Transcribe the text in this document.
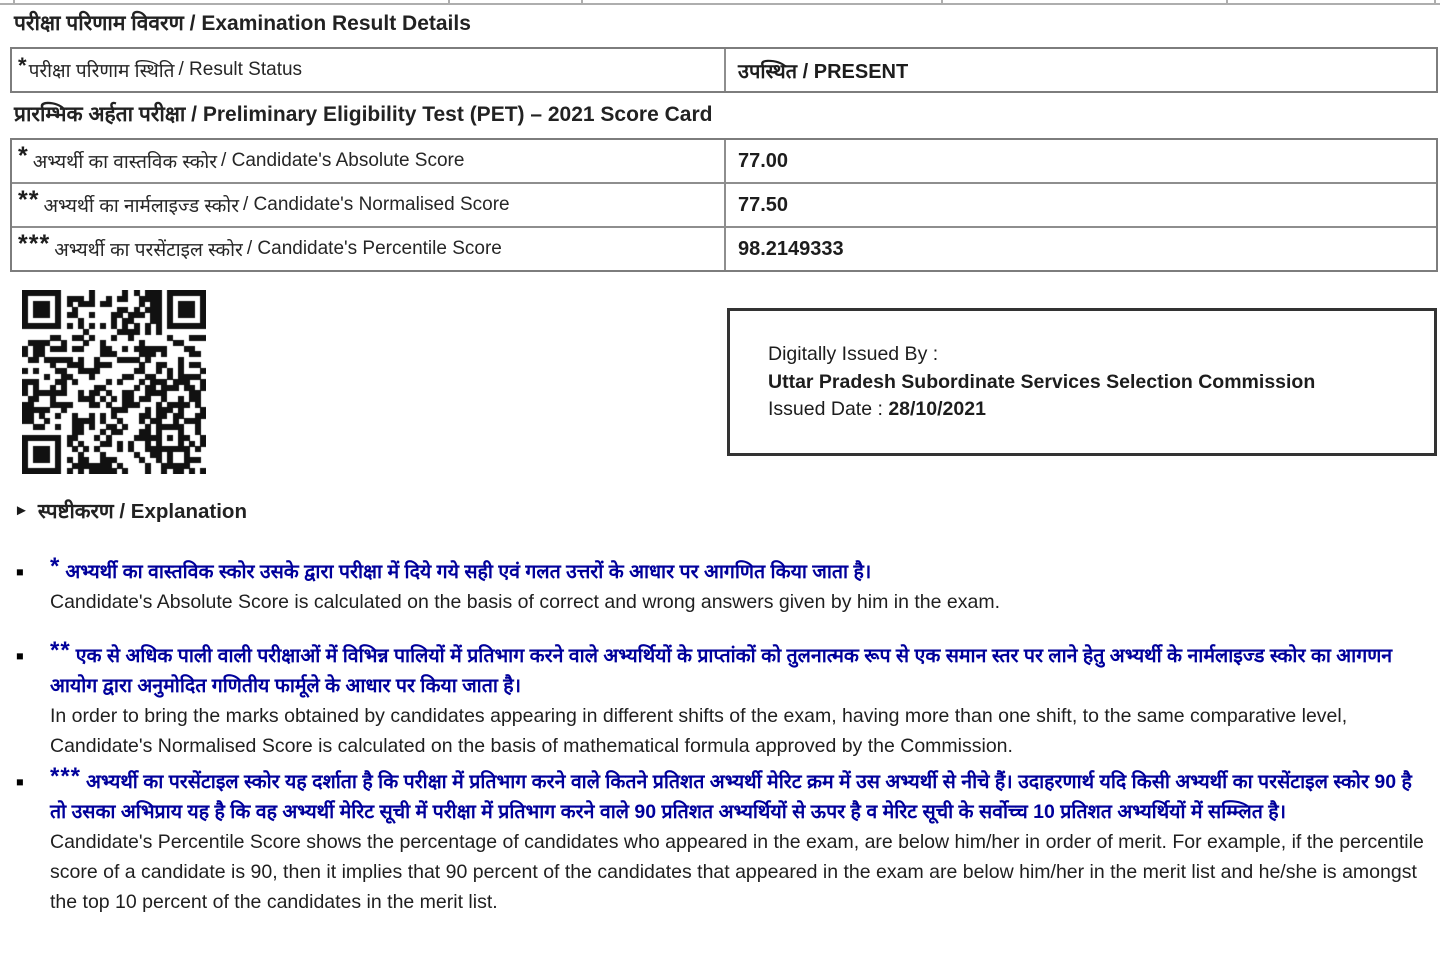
परीक्षा परिणाम विवरण / Examination Result Details
* परीक्षा परिणाम स्थिति / Result Status	उपस्थित / PRESENT
प्रारम्भिक अर्हता परीक्षा / Preliminary Eligibility Test (PET) – 2021 Score Card
* अभ्यर्थी का वास्तविक स्कोर / Candidate's Absolute Score	77.00
** अभ्यर्थी का नार्मलाइज्ड स्कोर / Candidate's Normalised Score	77.50
*** अभ्यर्थी का परसेंटाइल स्कोर / Candidate's Percentile Score	98.2149333
Digitally Issued By :
Uttar Pradesh Subordinate Services Selection Commission
Issued Date : 28/10/2021
► स्पष्टीकरण / Explanation
■	* अभ्यर्थी का वास्तविक स्कोर उसके द्वारा परीक्षा में दिये गये सही एवं गलत उत्तरों के आधार पर आगणित किया जाता है।
Candidate's Absolute Score is calculated on the basis of correct and wrong answers given by him in the exam.
■	** एक से अधिक पाली वाली परीक्षाओं में विभिन्न पालियों में प्रतिभाग करने वाले अभ्यर्थियों के प्राप्तांकों को तुलनात्मक रूप से एक समान स्तर पर लाने हेतु अभ्यर्थी के नार्मलाइज्ड स्कोर का आगणन आयोग द्वारा अनुमोदित गणितीय फार्मूले के आधार पर किया जाता है।
In order to bring the marks obtained by candidates appearing in different shifts of the exam, having more than one shift, to the same comparative level, Candidate's Normalised Score is calculated on the basis of mathematical formula approved by the Commission.
■	*** अभ्यर्थी का परसेंटाइल स्कोर यह दर्शाता है कि परीक्षा में प्रतिभाग करने वाले कितने प्रतिशत अभ्यर्थी मेरिट क्रम में उस अभ्यर्थी से नीचे हैं। उदाहरणार्थ यदि किसी अभ्यर्थी का परसेंटाइल स्कोर 90 है तो उसका अभिप्राय यह है कि वह अभ्यर्थी मेरिट सूची में परीक्षा में प्रतिभाग करने वाले 90 प्रतिशत अभ्यर्थियों से ऊपर है व मेरिट सूची के सर्वोच्च 10 प्रतिशत अभ्यर्थियों में सम्म्लित है।
Candidate's Percentile Score shows the percentage of candidates who appeared in the exam, are below him/her in order of merit. For example, if the percentile score of a candidate is 90, then it implies that 90 percent of the candidates that appeared in the exam are below him/her in the merit list and he/she is amongst the top 10 percent of the candidates in the merit list.
